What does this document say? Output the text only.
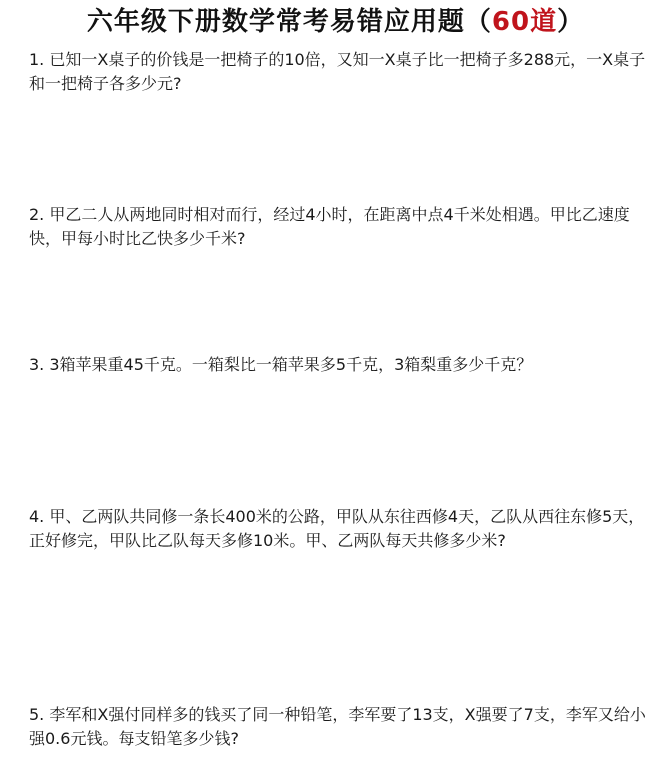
六年级下册数学常考易错应用题（60道）
1. 已知一X桌子的价钱是一把椅子的10倍，又知一X桌子比一把椅子多288元，一X桌子和一把椅子各多少元?
2. 甲乙二人从两地同时相对而行，经过4小时，在距离中点4千米处相遇。甲比乙速度快，甲每小时比乙快多少千米?
3. 3箱苹果重45千克。一箱梨比一箱苹果多5千克，3箱梨重多少千克？
4. 甲、乙两队共同修一条长400米的公路，甲队从东往西修4天，乙队从西往东修5天，正好修完，甲队比乙队每天多修10米。甲、乙两队每天共修多少米?
5. 李军和X强付同样多的钱买了同一种铅笔，李军要了13支，X强要了7支，李军又给小强0.6元钱。每支铅笔多少钱?
